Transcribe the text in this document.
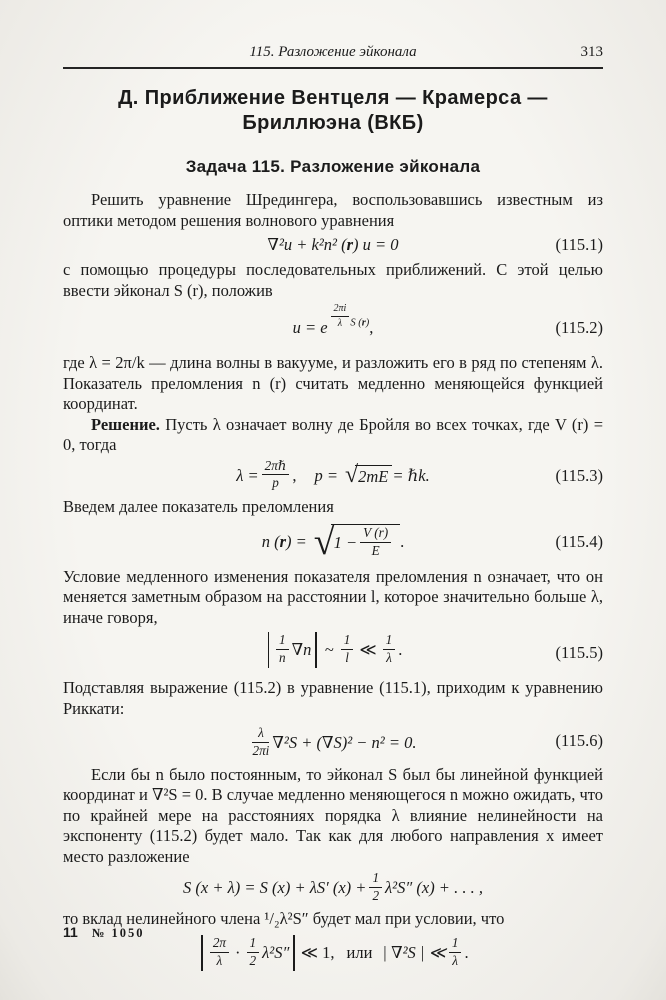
115. Разложение эйконала	313
Д. Приближение Вентцеля — Крамерса —
Бриллюэна (ВКБ)
Задача 115. Разложение эйконала

Решить уравнение Шредингера, воспользовавшись известным из оптики методом решения волнового уравнения

∇²u + k²n² ( r ) u = 0	(115.1)

с помощью процедуры последовательных приближений. С этой целью ввести эйконал S (r), положив

u = e $\frac{2\pi i}{\lambda}$ S (r) ,	(115.2)

где λ = 2π/k — длина волны в вакууме, и разложить его в ряд по степеням λ. Показатель преломления n (r) считать медленно меняющейся функцией координат.

Решение. Пусть λ означает волну де Бройля во всех точках, где V (r) = 0, тогда

$\lambda = \frac{\text{2πℏ}}{p}$ , p = √ 2mE = ℏk.	(115.3)

Введем далее показатель преломления

n ( r ) = √ $1 - \frac{V (r)}{E}$ .	(115.4)

Условие медленного изменения показателя преломления n означает, что он меняется заметным образом на расстоянии l, которое значительно больше λ, иначе говоря,

$\frac{1}{n} \nabla n$ ~ $\frac{1}{l}$ ≪ $\frac{1}{\lambda}$ .	(115.5)

Подставляя выражение (115.2) в уравнение (115.1), приходим к уравнению Риккати:

$\frac{\lambda}{2\pi i} \nabla^2S + (\nabla S)^2 - n^2 = 0$.	(115.6)

Если бы n было постоянным, то эйконал S был бы линейной функцией координат и ∇²S = 0. В случае медленно меняющегося n можно ожидать, что по крайней мере на расстояниях порядка λ влияние нелинейности на экспоненту (115.2) будет мало. Так как для любого направления x имеет место разложение

S (x + λ) = S (x) + λS′ $(x) + \frac{1}{2} \lambda^2S''$ (x) + . . . ,

то вклад нелинейного члена ¹/₂λ²S″ будет мал при условии, что

$\frac{2\pi}{\lambda} \cdot \frac{1}{2} \lambda^2S''$ ≪ 1, или | ∇²S | ≪ $\frac{1}{\lambda}$ .
11 № 1050
